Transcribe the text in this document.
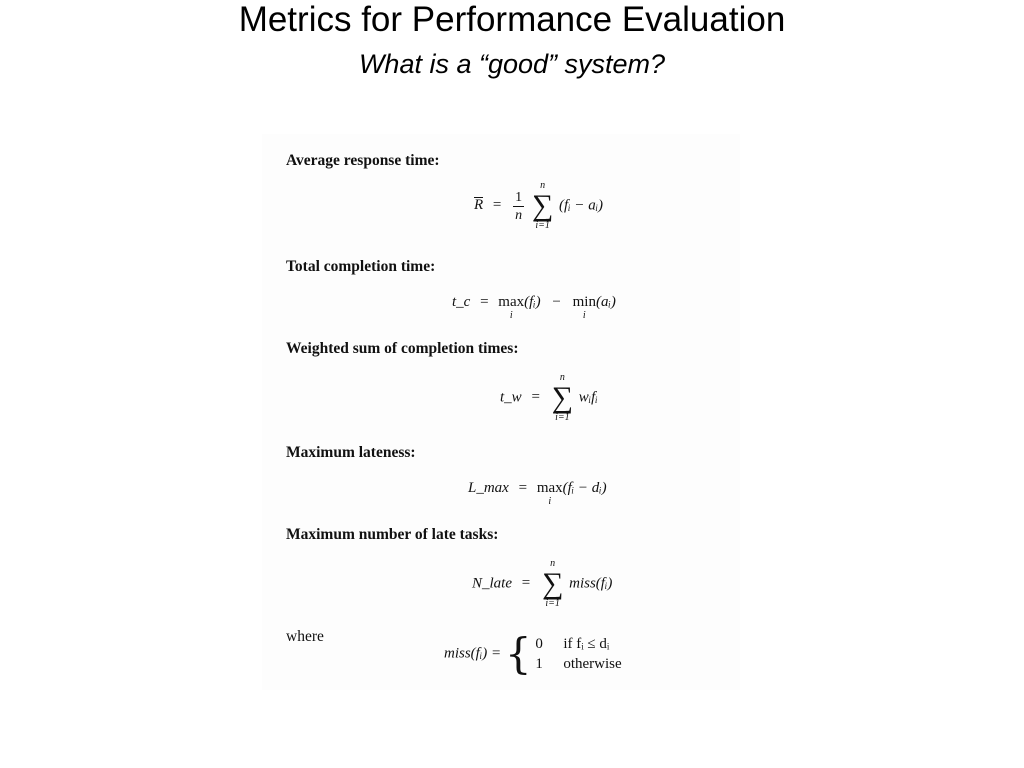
Metrics for Performance Evaluation
What is a “good” system?
Average response time:
$R = \frac{1}{n}$

n
∑
i=1
(fᵢ − aᵢ)
Total completion time:
t_c = max
i
(fᵢ) − min
i
(aᵢ)
Weighted sum of completion times:
t_w =
n
∑
i=1
wᵢfᵢ
Maximum lateness:
L_max = max
i
(fᵢ − dᵢ)
Maximum number of late tasks:
N_late =
n
∑
i=1
miss(fᵢ)
where
miss(fᵢ) = { 0 if fᵢ ≤ dᵢ
1 otherwise
